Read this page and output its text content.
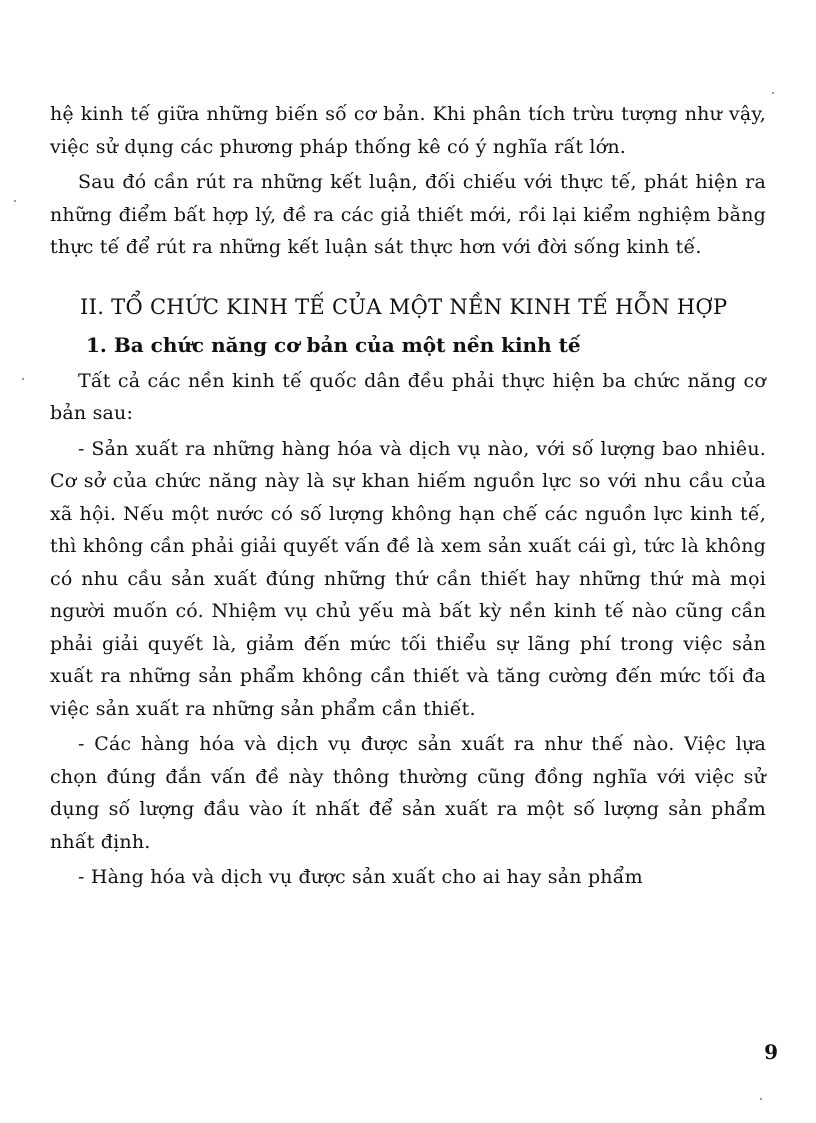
hệ kinh tế giữa những biến số cơ bản. Khi phân tích trừu tượng như vậy, việc sử dụng các phương pháp thống kê có ý nghĩa rất lớn.

Sau đó cần rút ra những kết luận, đối chiếu với thực tế, phát hiện ra những điểm bất hợp lý, đề ra các giả thiết mới, rồi lại kiểm nghiệm bằng thực tế để rút ra những kết luận sát thực hơn với đời sống kinh tế.

II. TỔ CHỨC KINH TẾ CỦA MỘT NỀN KINH TẾ HỖN HỢP
1. Ba chức năng cơ bản của một nền kinh tế

Tất cả các nền kinh tế quốc dân đều phải thực hiện ba chức năng cơ bản sau:

- Sản xuất ra những hàng hóa và dịch vụ nào, với số lượng bao nhiêu. Cơ sở của chức năng này là sự khan hiếm nguồn lực so với nhu cầu của xã hội. Nếu một nước có số lượng không hạn chế các nguồn lực kinh tế, thì không cần phải giải quyết vấn đề là xem sản xuất cái gì, tức là không có nhu cầu sản xuất đúng những thứ cần thiết hay những thứ mà mọi người muốn có. Nhiệm vụ chủ yếu mà bất kỳ nền kinh tế nào cũng cần phải giải quyết là, giảm đến mức tối thiểu sự lãng phí trong việc sản xuất ra những sản phẩm không cần thiết và tăng cường đến mức tối đa việc sản xuất ra những sản phẩm cần thiết.

- Các hàng hóa và dịch vụ được sản xuất ra như thế nào. Việc lựa chọn đúng đắn vấn đề này thông thường cũng đồng nghĩa với việc sử dụng số lượng đầu vào ít nhất để sản xuất ra một số lượng sản phẩm nhất định.

- Hàng hóa và dịch vụ được sản xuất cho ai hay sản phẩm

9
